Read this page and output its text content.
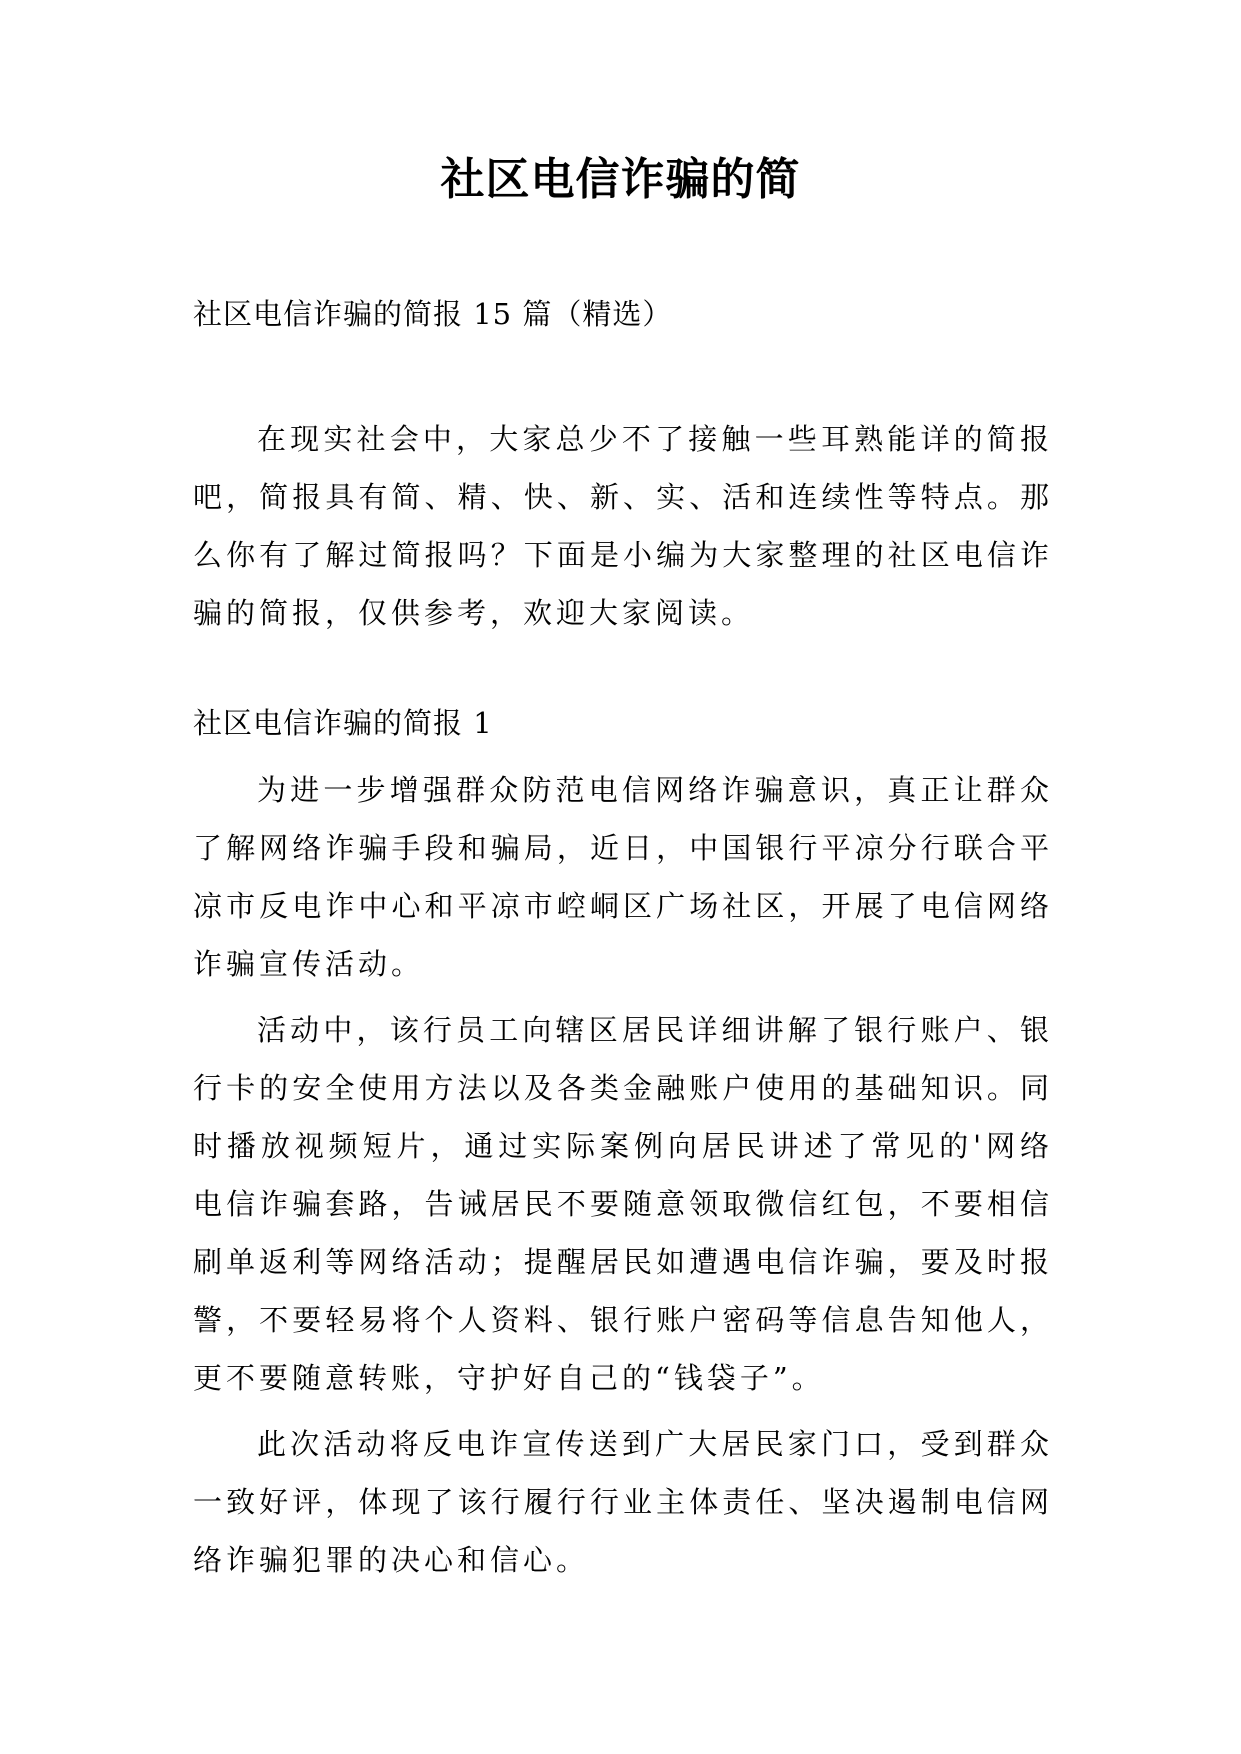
社区电信诈骗的简

社区电信诈骗的简报 15 篇（精选）

在现实社会中，大家总少不了接触一些耳熟能详的简报吧，简报具有简、精、快、新、实、活和连续性等特点。那么你有了解过简报吗？下面是小编为大家整理的社区电信诈骗的简报，仅供参考，欢迎大家阅读。

社区电信诈骗的简报 1

为进一步增强群众防范电信网络诈骗意识，真正让群众了解网络诈骗手段和骗局，近日，中国银行平凉分行联合平凉市反电诈中心和平凉市崆峒区广场社区，开展了电信网络诈骗宣传活动。

活动中，该行员工向辖区居民详细讲解了银行账户、银行卡的安全使用方法以及各类金融账户使用的基础知识。同时播放视频短片，通过实际案例向居民讲述了常见的'网络电信诈骗套路，告诫居民不要随意领取微信红包，不要相信刷单返利等网络活动；提醒居民如遭遇电信诈骗，要及时报警，不要轻易将个人资料、银行账户密码等信息告知他人，更不要随意转账，守护好自己的“钱袋子”。

此次活动将反电诈宣传送到广大居民家门口，受到群众一致好评，体现了该行履行行业主体责任、坚决遏制电信网络诈骗犯罪的决心和信心。
